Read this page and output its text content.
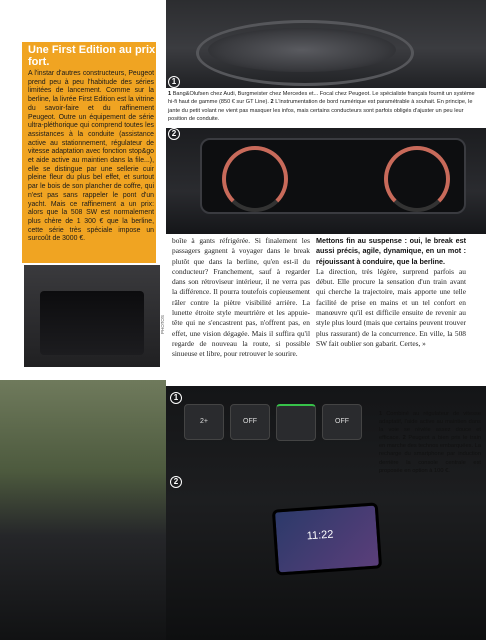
1
2
PHOTOS
2+	OFF	OFF
11:22
1
2
Une First Edition au prix fort.
A l'instar d'autres constructeurs, Peugeot prend peu à peu l'habitude des séries limitées de lancement. Comme sur la berline, la livrée First Edition est la vitrine du savoir-faire et du raffinement Peugeot. Outre un équipement de série ultra-pléthorique qui comprend toutes les assistances à la conduite (assistance active au stationnement, régulateur de vitesse adaptation avec fonction stop&go et aide active au maintien dans la file...), elle se distingue par une sellerie cuir pleine fleur du plus bel effet, et surtout par le bois de son plancher de coffre, qui n'est pas sans rappeler le pont d'un yacht. Mais ce raffinement a un prix: alors que la 508 SW est normalement plus chère de 1 300 € que la berline, cette série très spéciale impose un surcoût de 3000 €.
1 Bang&Olufsen chez Audi, Burgmeister chez Mercedes et... Focal chez Peugeot. Le spécialiste français fournit un système hi-fi haut de gamme (850 € sur GT Line). 2 L'instrumentation de bord numérique est paramétrable à souhait. En principe, le jante du petit volant ne vient pas masquer les infos, mais certains conducteurs sont parfois obligés d'ajuster un peu leur position de conduite.
1 Combiné au régulateur de vitesse adaptatif, l'aide active au maintien dans la voie se révèle assez douce et efficace. 2 Peugeot a bien pris le train en marche des technos embarquées. La recharge du smartphone par induction derrière la console centrale est proposée en option à 100 €.
boîte à gants réfrigérée. Si finalement les passagers gagnent à voyager dans le break plutôt que dans la berline, qu'en est-il du conducteur? Franchement, sauf à regarder dans son rétroviseur intérieur, il ne verra pas la différence. Il pourra toutefois copieusement râler contre la piètre visibilité arrière. La lunette étroite style meurtrière et les appuie-tête qui ne s'encastrent pas, n'offrent pas, en effet, une vision dégagée. Mais il suffira qu'il regarde de nouveau la route, si possible sinueuse et libre, pour retrouver le sourire.
Mettons fin au suspense : oui, le break est aussi précis, agile, dynamique, en un mot : réjouissant à conduire, que la berline.
La direction, très légère, surprend parfois au début. Elle procure la sensation d'un train avant qui cherche la trajectoire, mais apporte une telle facilité de prise en mains et un tel confort en manœuvre qu'il est difficile ensuite de revenir au style plus lourd (mais que certains peuvent trouver plus rassurant) de la concurrence. En ville, la 508 SW fait oublier son gabarit. Certes, »
